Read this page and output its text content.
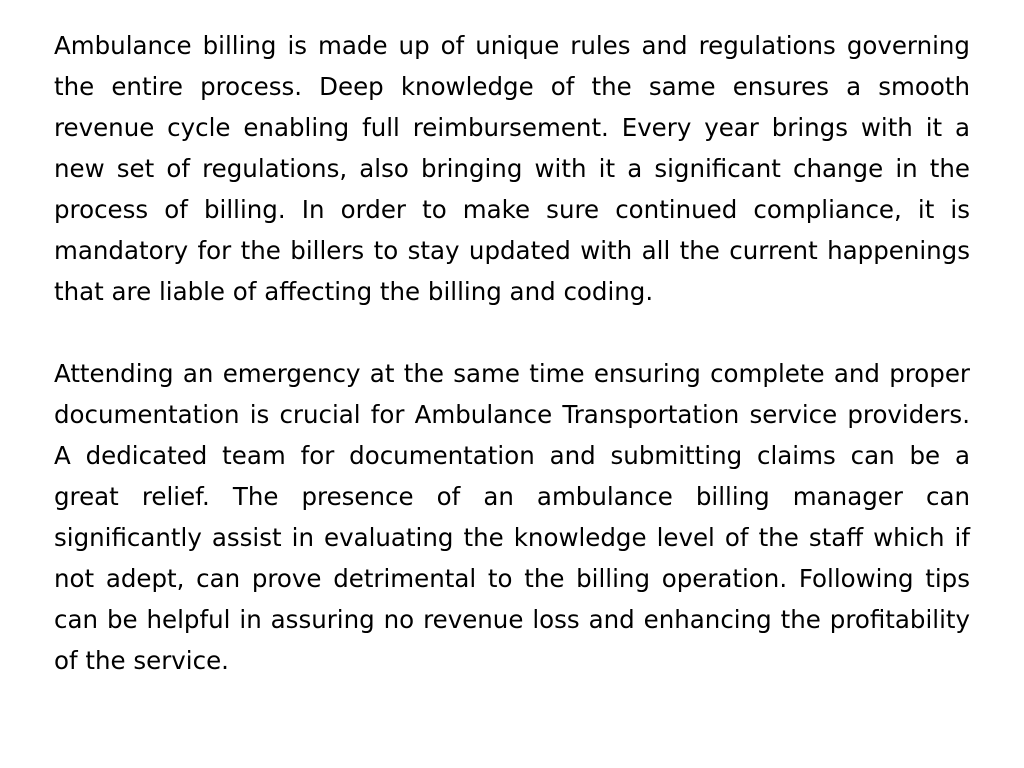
Ambulance billing is made up of unique rules and regulations governing the entire process. Deep knowledge of the same ensures a smooth revenue cycle enabling full reimbursement. Every year brings with it a new set of regulations, also bringing with it a significant change in the process of billing. In order to make sure continued compliance, it is mandatory for the billers to stay updated with all the current happenings that are liable of affecting the billing and coding.

Attending an emergency at the same time ensuring complete and proper documentation is crucial for Ambulance Transportation service providers. A dedicated team for documentation and submitting claims can be a great relief. The presence of an ambulance billing manager can significantly assist in evaluating the knowledge level of the staff which if not adept, can prove detrimental to the billing operation. Following tips can be helpful in assuring no revenue loss and enhancing the profitability of the service.
